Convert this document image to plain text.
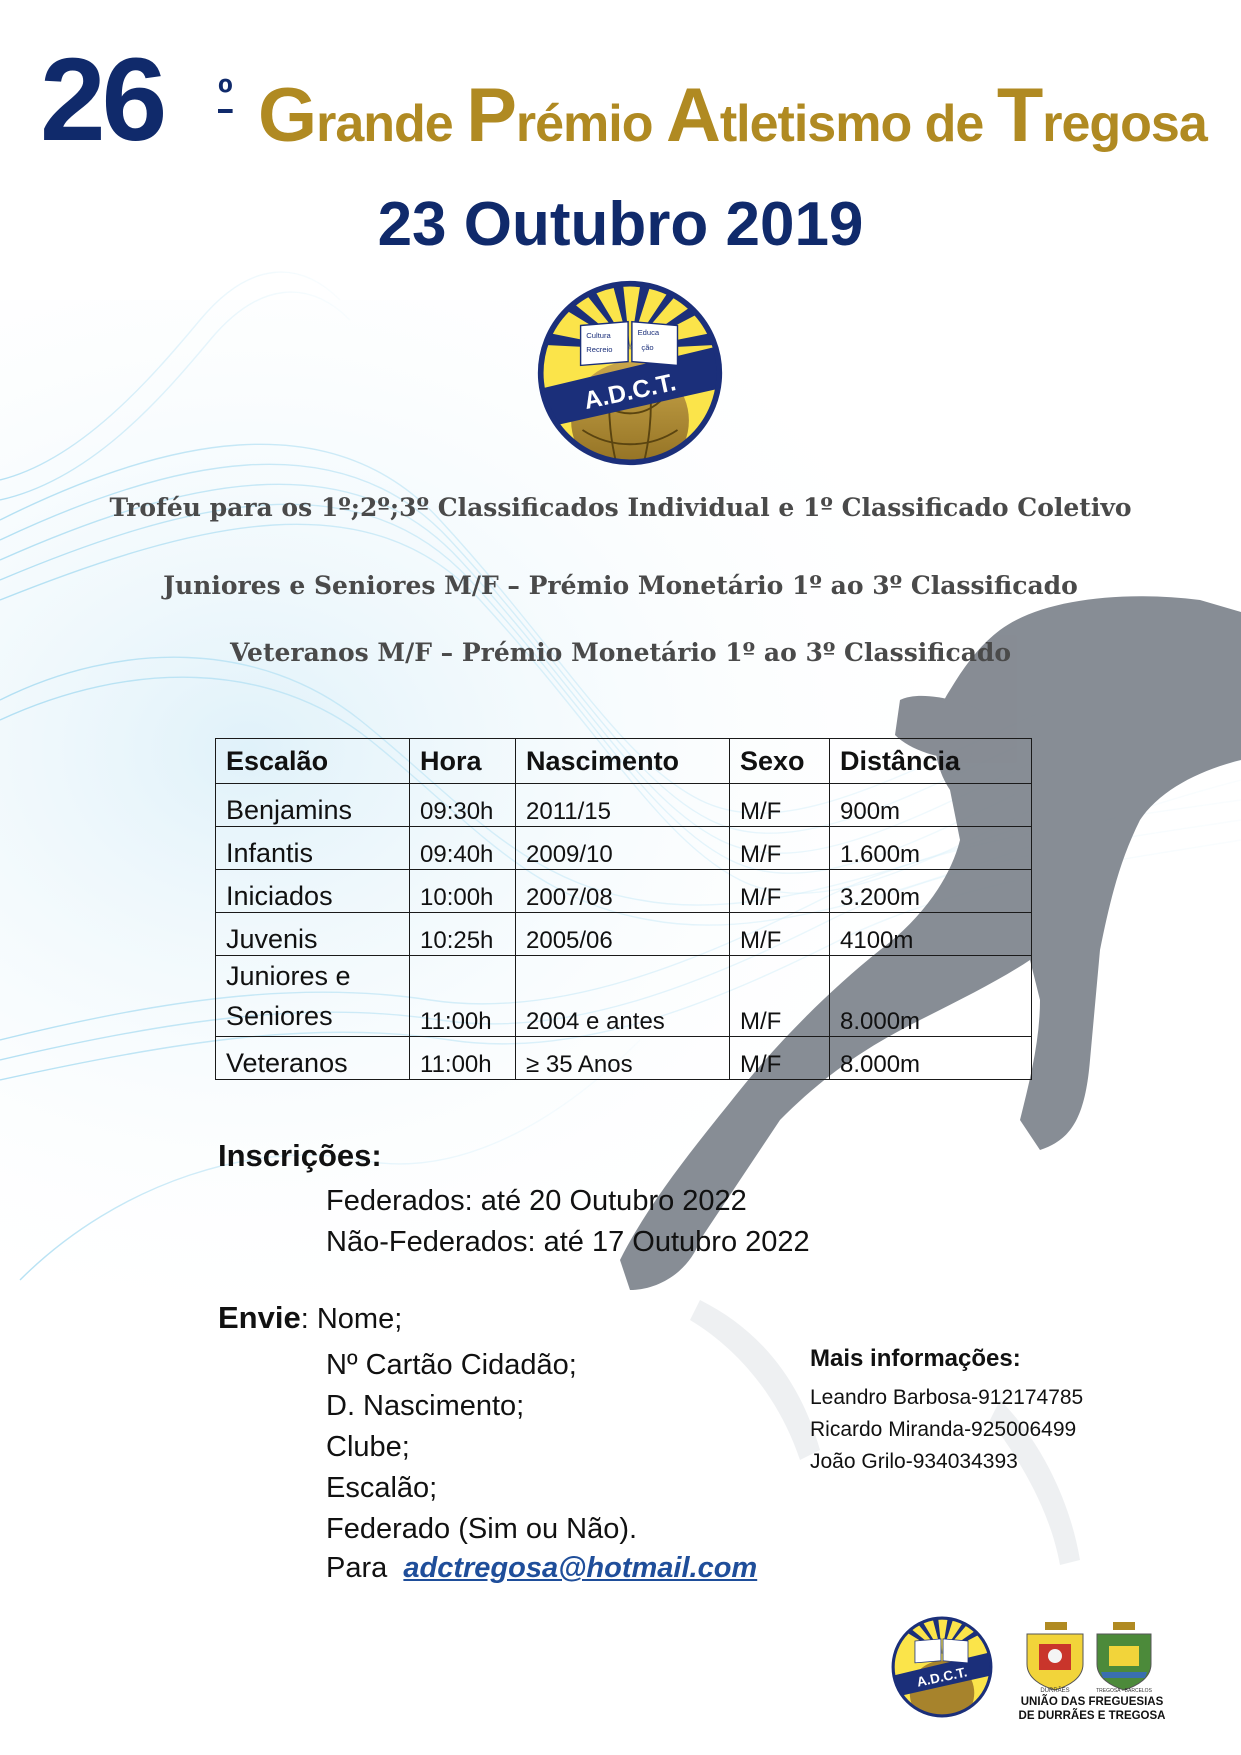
26 º Grande Prémio Atletismo de Tregosa
23 Outubro 2019
A.D.C.T.
Cultura	Educa
Recreio	ção
Troféu para os 1º;2º;3º Classificados Individual e 1º Classificado Coletivo
Juniores e Seniores M/F – Prémio Monetário 1º ao 3º Classificado
Veteranos M/F – Prémio Monetário 1º ao 3º Classificado
Escalão	Hora	Nascimento	Sexo	Distância
Benjamins	09:30h	2011/15	M/F	900m
Infantis	09:40h	2009/10	M/F	1.600m
Iniciados	10:00h	2007/08	M/F	3.200m
Juvenis	10:25h	2005/06	M/F	4100m
Juniores e Seniores	11:00h	2004 e antes	M/F	8.000m
Veteranos	11:00h	≥ 35 Anos	M/F	8.000m
Inscrições:
Federados: até 20 Outubro 2022
Não-Federados: até 17 Outubro 2022
Envie: Nome;
Nº Cartão Cidadão;
D. Nascimento;
Clube;
Escalão;
Federado (Sim ou Não).
Para adctregosa@hotmail.com
Mais informações:
Leandro Barbosa-912174785
Ricardo Miranda-925006499
João Grilo-934034393
A.D.C.T.
DURRÃES	TREGOSA - BARCELOS
UNIÃO DAS FREGUESIAS
DE DURRÃES E TREGOSA
